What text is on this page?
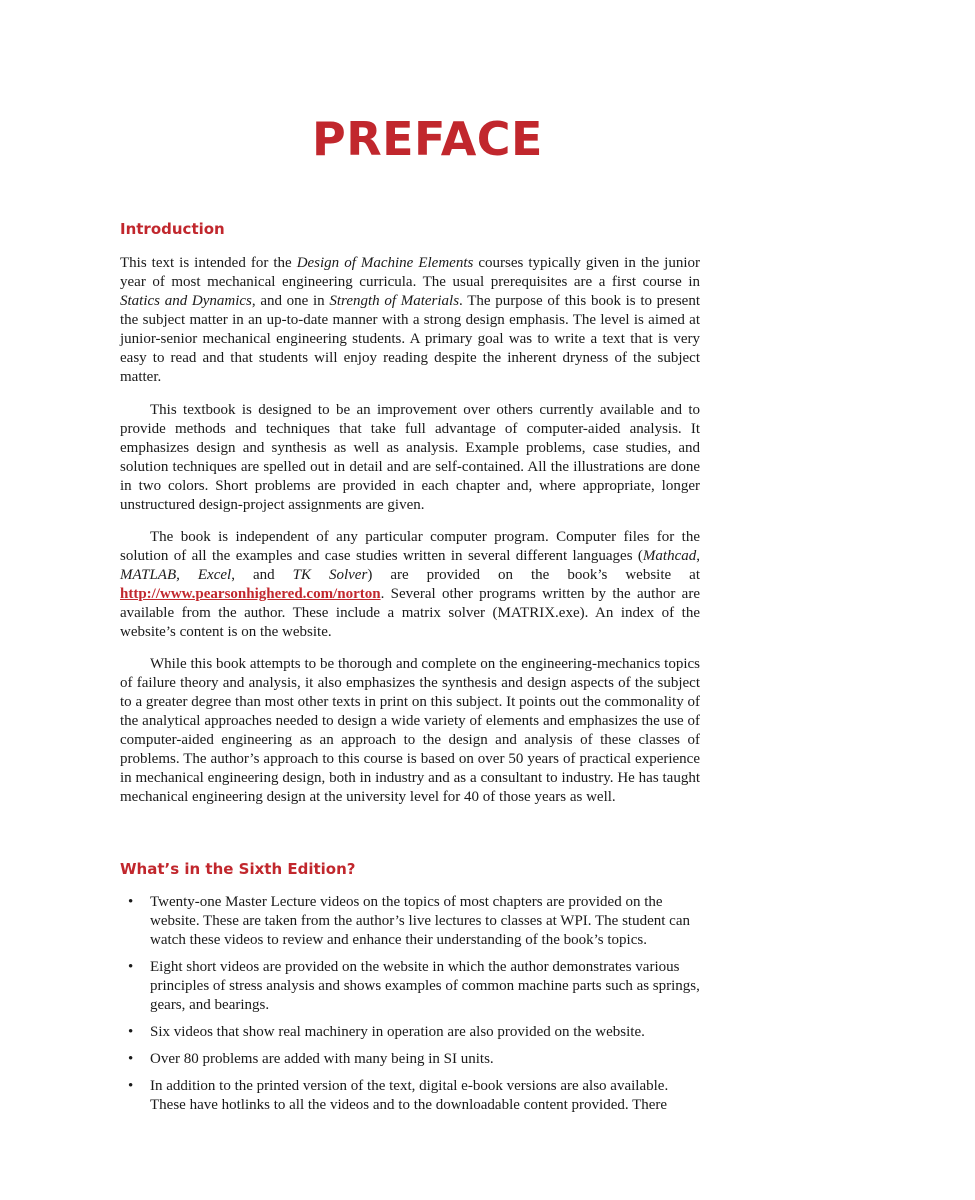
PREFACE
Introduction

This text is intended for the Design of Machine Elements courses typically given in the junior year of most mechanical engineering curricula. The usual prerequisites are a first course in Statics and Dynamics, and one in Strength of Materials. The purpose of this book is to present the subject matter in an up-to-date manner with a strong design emphasis. The level is aimed at junior-senior mechanical engineering students. A primary goal was to write a text that is very easy to read and that students will enjoy reading despite the inherent dryness of the subject matter.

This textbook is designed to be an improvement over others currently available and to provide methods and techniques that take full advantage of computer-aided analysis. It emphasizes design and synthesis as well as analysis. Example problems, case studies, and solution techniques are spelled out in detail and are self-contained. All the illustrations are done in two colors. Short problems are provided in each chapter and, where appropriate, longer unstructured design-project assignments are given.

The book is independent of any particular computer program. Computer files for the solution of all the examples and case studies written in several different languages (Mathcad, MATLAB, Excel, and TK Solver) are provided on the book’s website at http://www.pearsonhighered.com/norton. Several other programs written by the author are available from the author. These include a matrix solver (MATRIX.exe). An index of the website’s content is on the website.

While this book attempts to be thorough and complete on the engineering-mechanics topics of failure theory and analysis, it also emphasizes the synthesis and design aspects of the subject to a greater degree than most other texts in print on this subject. It points out the commonality of the analytical approaches needed to design a wide variety of elements and emphasizes the use of computer-aided engineering as an approach to the design and analysis of these classes of problems. The author’s approach to this course is based on over 50 years of practical experience in mechanical engineering design, both in industry and as a consultant to industry. He has taught mechanical engineering design at the university level for 40 of those years as well.

What’s in the Sixth Edition?
• Twenty-one Master Lecture videos on the topics of most chapters are provided on the website. These are taken from the author’s live lectures to classes at WPI. The student can watch these videos to review and enhance their understanding of the book’s topics.
• Eight short videos are provided on the website in which the author demonstrates various principles of stress analysis and shows examples of common machine parts such as springs, gears, and bearings.
• Six videos that show real machinery in operation are also provided on the website.
• Over 80 problems are added with many being in SI units.
• In addition to the printed version of the text, digital e-book versions are also available. These have hotlinks to all the videos and to the downloadable content provided. There
